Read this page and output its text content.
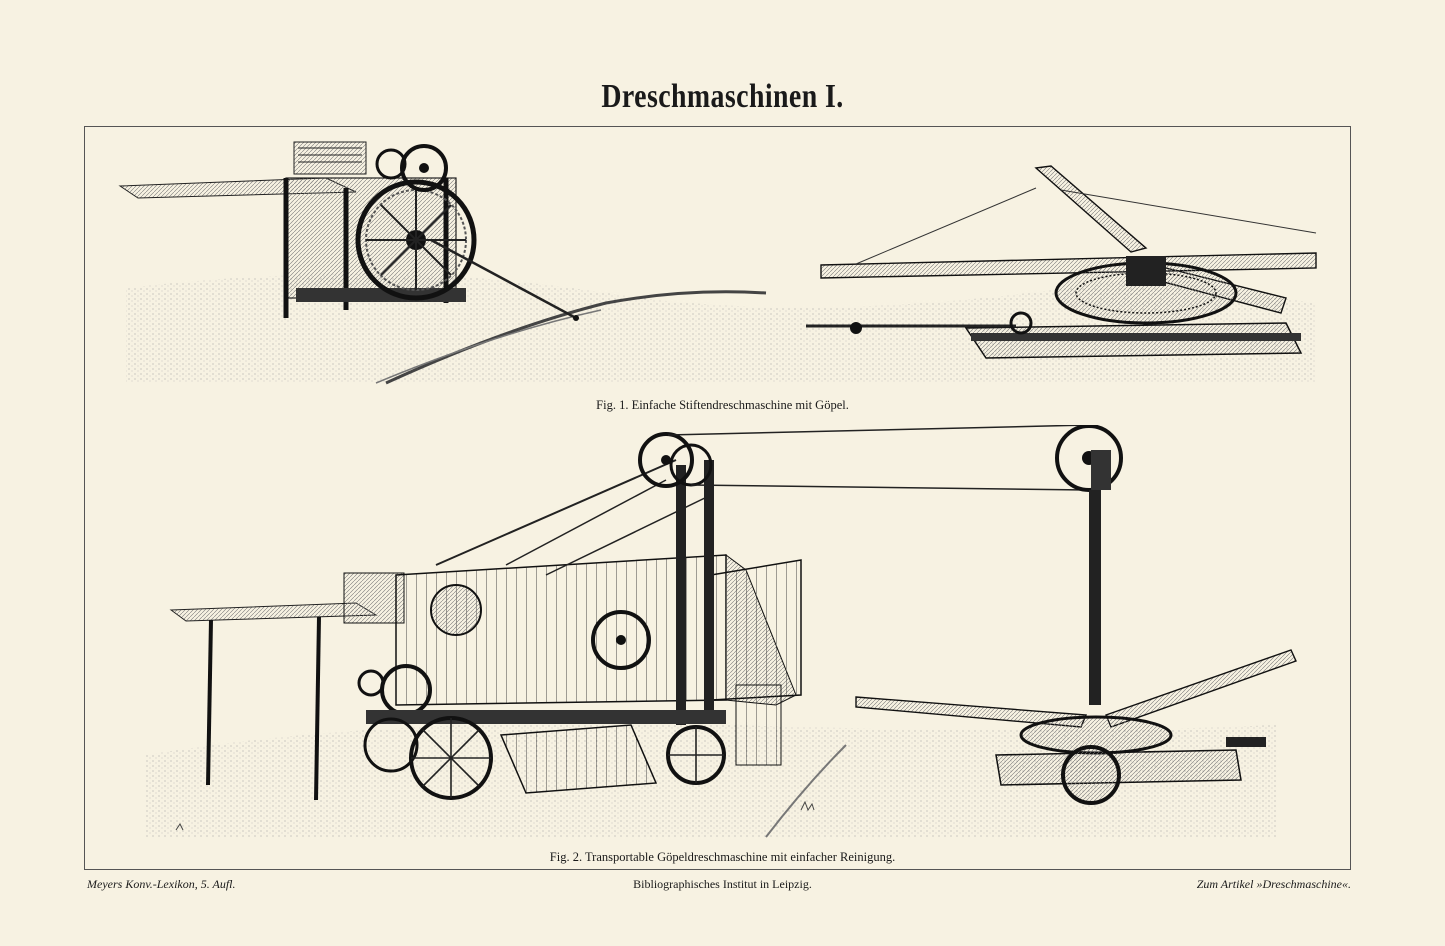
Dreschmaschinen I.
Fig. 1. Einfache Stiftendreschmaschine mit Göpel.
Fig. 2. Transportable Göpeldreschmaschine mit einfacher Reinigung.
Meyers Konv.-Lexikon, 5. Aufl.	Bibliographisches Institut in Leipzig.	Zum Artikel »Dreschmaschine«.
